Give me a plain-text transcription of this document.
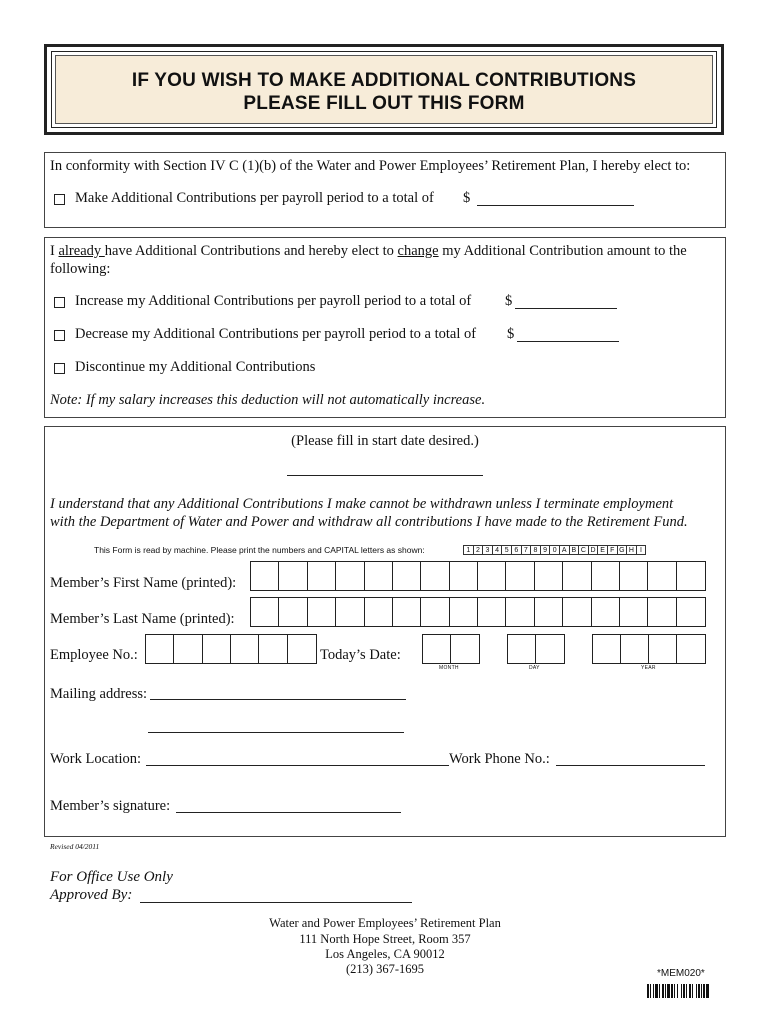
IF YOU WISH TO MAKE ADDITIONAL CONTRIBUTIONS
PLEASE FILL OUT THIS FORM
In conformity with Section IV C (1)(b) of the Water and Power Employees’ Retirement Plan, I hereby elect to:
Make Additional Contributions per payroll period to a total of $
I already have Additional Contributions and hereby elect to change my Additional Contribution amount to the
following:
Increase my Additional Contributions per payroll period to a total of $
Decrease my Additional Contributions per payroll period to a total of $
Discontinue my Additional Contributions
Note: If my salary increases this deduction will not automatically increase.
(Please fill in start date desired.)
I understand that any Additional Contributions I make cannot be withdrawn unless I terminate employment
with the Department of Water and Power and withdraw all contributions I have made to the Retirement Fund.
This Form is read by machine. Please print the numbers and CAPITAL letters as shown:	1 2 3 4 5 6 7 8 9 0 A B C D E F G H I
Member’s First Name (printed):
Member’s Last Name (printed):
Employee No.:	Today’s Date:
MONTH	DAY	YEAR
Mailing address:
Work Location:	Work Phone No.:
Member’s signature:
Revised 04/2011
For Office Use Only
Approved By:
Water and Power Employees’ Retirement Plan
111 North Hope Street, Room 357
Los Angeles, CA 90012
(213) 367-1695	*MEM020*
